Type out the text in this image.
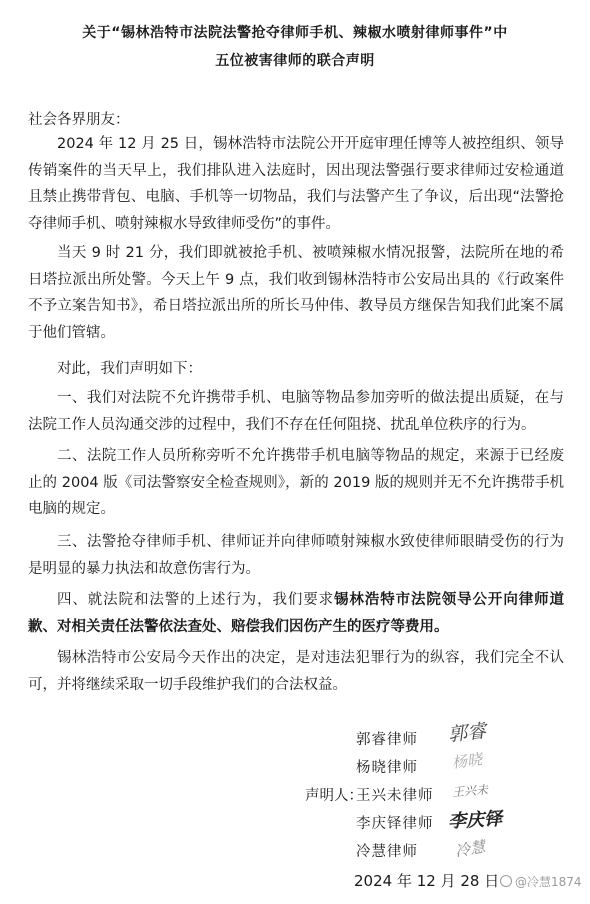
关于“锡林浩特市法院法警抢夺律师手机、辣椒水喷射律师事件”中
五位被害律师的联合声明
社会各界朋友：

2024 年 12 月 25 日，锡林浩特市法院公开开庭审理任博等人被控组织、领导传销案件的当天早上，我们排队进入法庭时，因出现法警强行要求律师过安检通道且禁止携带背包、电脑、手机等一切物品，我们与法警产生了争议，后出现“法警抢夺律师手机、喷射辣椒水导致律师受伤”的事件。

当天 9 时 21 分，我们即就被抢手机、被喷辣椒水情况报警，法院所在地的希日塔拉派出所处警。今天上午 9 点，我们收到锡林浩特市公安局出具的《行政案件不予立案告知书》，希日塔拉派出所的所长马仲伟、教导员方继保告知我们此案不属于他们管辖。

对此，我们声明如下：

一、我们对法院不允许携带手机、电脑等物品参加旁听的做法提出质疑，在与法院工作人员沟通交涉的过程中，我们不存在任何阻挠、扰乱单位秩序的行为。

二、法院工作人员所称旁听不允许携带手机电脑等物品的规定，来源于已经废止的 2004 版《司法警察安全检查规则》，新的 2019 版的规则并无不允许携带手机电脑的规定。

三、法警抢夺律师手机、律师证并向律师喷射辣椒水致使律师眼睛受伤的行为是明显的暴力执法和故意伤害行为。

四、就法院和法警的上述行为，我们要求锡林浩特市法院领导公开向律师道歉、对相关责任法警依法查处、赔偿我们因伤产生的医疗等费用。

锡林浩特市公安局今天作出的决定，是对违法犯罪行为的纵容，我们完全不认可，并将继续采取一切手段维护我们的合法权益。

声明人：
郭睿律师
杨晓律师
王兴未律师
李庆铎律师
冷慧律师
郭睿
杨晓
王兴未
李庆铎
冷慧
2024 年 12 月 28 日	@冷慧1874
